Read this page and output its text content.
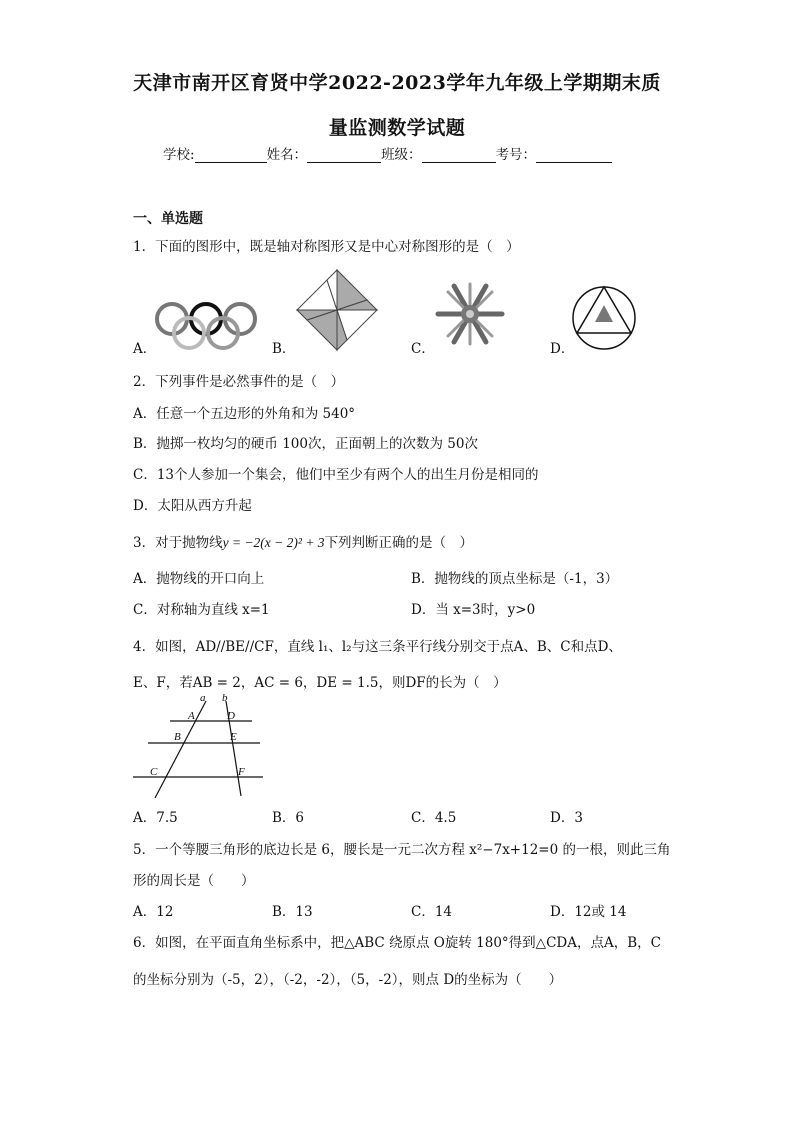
天津市南开区育贤中学2022-2023学年九年级上学期期末质
量监测数学试题
学校:	姓名：	班级：	考号：
一、单选题
1．下面的图形中，既是轴对称图形又是中心对称图形的是（　）
A．	B．	C．	D．
2．下列事件是必然事件的是（　）
A．任意一个五边形的外角和为 540°
B．抛掷一枚均匀的硬币 100次，正面朝上的次数为 50次
C．13个人参加一个集会，他们中至少有两个人的出生月份是相同的
D．太阳从西方升起
3．对于抛物线y = −2(x − 2)² + 3下列判断正确的是（　）
A．抛物线的开口向上	B．抛物线的顶点坐标是（-1，3）
C．对称轴为直线 x=1	D．当 x=3时，y>0
4．如图，AD//BE//CF，直线 l₁、l₂与这三条平行线分别交于点A、B、C和点D、
E、F，若AB = 2，AC = 6，DE = 1.5，则DF的长为（　）
a b
A	D
B	E
C	F
A．7.5	B．6	C．4.5	D．3
5．一个等腰三角形的底边长是 6，腰长是一元二次方程 x²−7x+12=0 的一根，则此三角
形的周长是（　　）
A．12	B．13	C．14	D．12或 14
6．如图，在平面直角坐标系中，把△ABC 绕原点 O旋转 180°得到△CDA，点A，B，C
的坐标分别为（-5，2），（-2，-2），（5，-2），则点 D的坐标为（　　）
